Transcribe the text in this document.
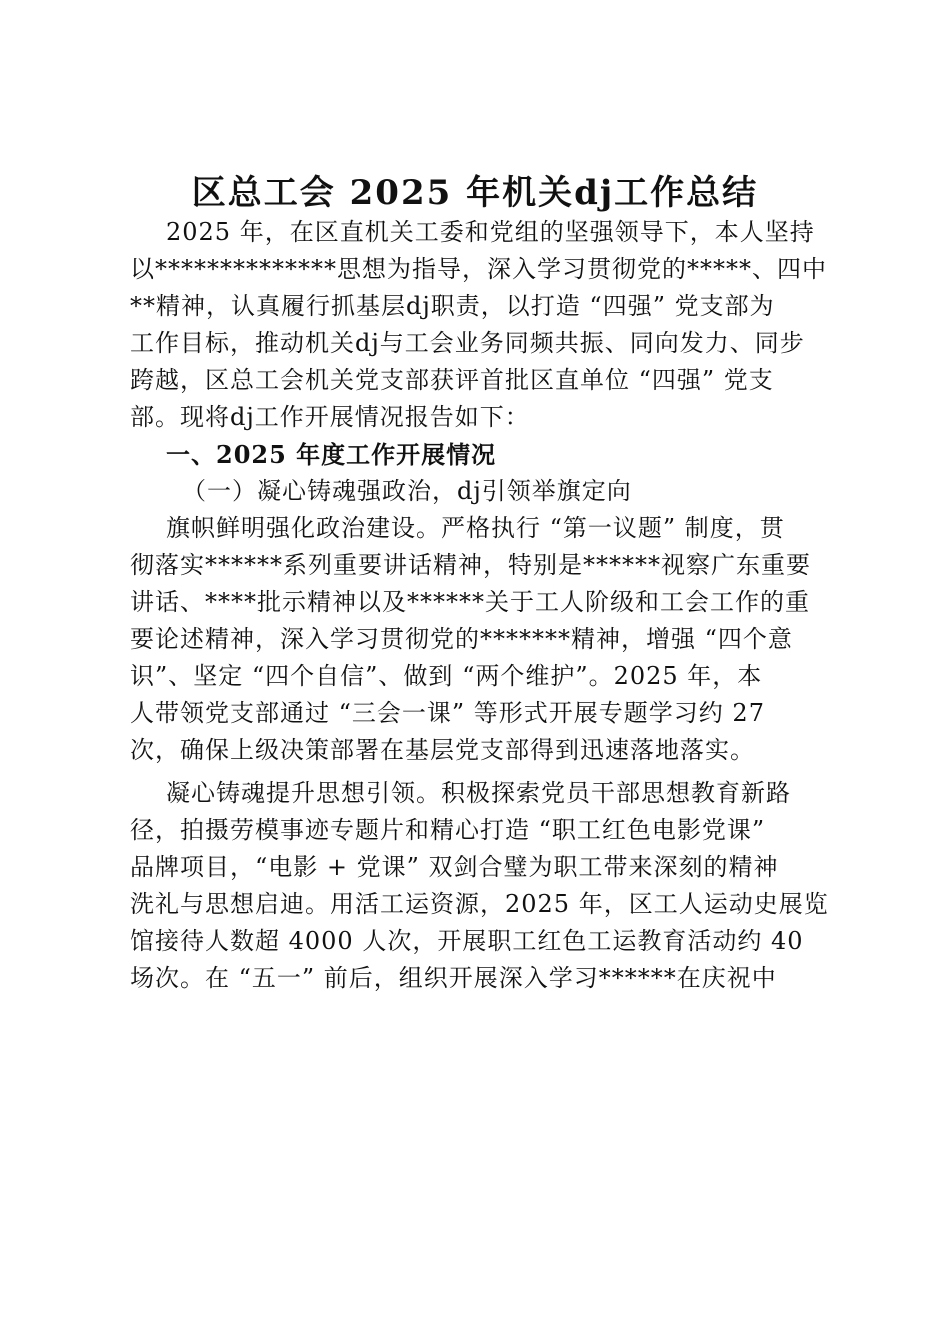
区总工会 2025 年机关dj工作总结
2025 年，在区直机关工委和党组的坚强领导下，本人坚持
以**************思想为指导，深入学习贯彻党的*****、四中
**精神，认真履行抓基层dj职责，以打造 “四强” 党支部为
工作目标，推动机关dj与工会业务同频共振、同向发力、同步
跨越，区总工会机关党支部获评首批区直单位 “四强” 党支
部。现将dj工作开展情况报告如下：
一、2025 年度工作开展情况
（一）凝心铸魂强政治，dj引领举旗定向
旗帜鲜明强化政治建设。严格执行 “第一议题” 制度，贯
彻落实******系列重要讲话精神，特别是******视察广东重要
讲话、****批示精神以及******关于工人阶级和工会工作的重
要论述精神，深入学习贯彻党的*******精神，增强 “四个意
识”、坚定 “四个自信”、做到 “两个维护”。2025 年，本
人带领党支部通过 “三会一课” 等形式开展专题学习约 27
次，确保上级决策部署在基层党支部得到迅速落地落实。
凝心铸魂提升思想引领。积极探索党员干部思想教育新路
径，拍摄劳模事迹专题片和精心打造 “职工红色电影党课”
品牌项目，“电影 + 党课” 双剑合璧为职工带来深刻的精神
洗礼与思想启迪。用活工运资源，2025 年，区工人运动史展览
馆接待人数超 4000 人次，开展职工红色工运教育活动约 40
场次。在 “五一” 前后，组织开展深入学习******在庆祝中
